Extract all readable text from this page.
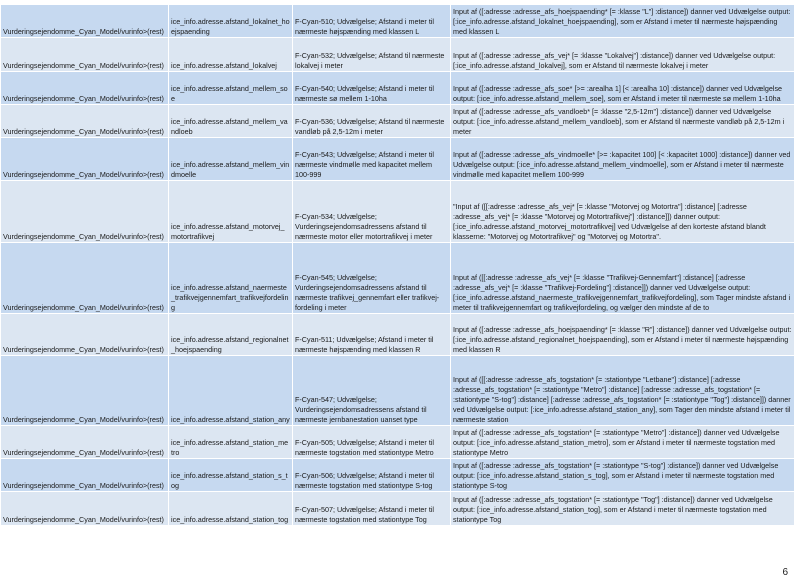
Vurderingsejendomme_Cyan_Model/vurinfo>(rest)	ice_info.adresse.afstand_lokalnet_hoejspaending	F-Cyan-510; Udvælgelse; Afstand i meter til nærmeste højspænding med klassen L	Input af ([:adresse :adresse_afs_hoejspaending* [= :klasse "L"] :distance]) danner ved Udvælgelse output: [:ice_info.adresse.afstand_lokalnet_hoejspaending], som er Afstand i meter til nærmeste højspænding med klassen L
Vurderingsejendomme_Cyan_Model/vurinfo>(rest)	ice_info.adresse.afstand_lokalvej	F-Cyan-532; Udvælgelse; Afstand til nærmeste lokalvej i meter	Input af ([:adresse :adresse_afs_vej* [= :klasse "Lokalvej"] :distance]) danner ved Udvælgelse output: [:ice_info.adresse.afstand_lokalvej], som er Afstand til nærmeste lokalvej i meter
Vurderingsejendomme_Cyan_Model/vurinfo>(rest)	ice_info.adresse.afstand_mellem_soe	F-Cyan-540; Udvælgelse; Afstand i meter til nærmeste sø mellem 1-10ha	Input af ([:adresse :adresse_afs_soe* [>= :arealha 1] [< :arealha 10] :distance]) danner ved Udvælgelse output: [:ice_info.adresse.afstand_mellem_soe], som er Afstand i meter til nærmeste sø mellem 1-10ha
Vurderingsejendomme_Cyan_Model/vurinfo>(rest)	ice_info.adresse.afstand_mellem_vandloeb	F-Cyan-536; Udvælgelse; Afstand til nærmeste vandløb på 2,5-12m i meter	Input af ([:adresse :adresse_afs_vandloeb* [= :klasse "2,5-12m"] :distance]) danner ved Udvælgelse output: [:ice_info.adresse.afstand_mellem_vandloeb], som er Afstand til nærmeste vandløb på 2,5-12m i meter
Vurderingsejendomme_Cyan_Model/vurinfo>(rest)	ice_info.adresse.afstand_mellem_vindmoelle	F-Cyan-543; Udvælgelse; Afstand i meter til nærmeste vindmølle med kapacitet mellem 100-999	Input af ([:adresse :adresse_afs_vindmoelle* [>= :kapacitet 100] [< :kapacitet 1000] :distance]) danner ved Udvælgelse output: [:ice_info.adresse.afstand_mellem_vindmoelle], som er Afstand i meter til nærmeste vindmølle med kapacitet mellem 100-999
Vurderingsejendomme_Cyan_Model/vurinfo>(rest)	ice_info.adresse.afstand_motorvej_motortrafikvej	F-Cyan-534; Udvælgelse; Vurderingsejendomsadressens afstand til nærmeste motor eller motortrafikvej i meter	"Input af ([[:adresse :adresse_afs_vej* [= :klasse "Motorvej og Motortra"] :distance] [:adresse :adresse_afs_vej* [= :klasse "Motorvej og Motortrafikvej"] :distance]]) danner output: [:ice_info.adresse.afstand_motorvej_motortrafikvej] ved Udvælgelse af den korteste afstand blandt klasserne: "Motorvej og Motortrafikvej" og "Motorvej og Motortra".
Vurderingsejendomme_Cyan_Model/vurinfo>(rest)	ice_info.adresse.afstand_naermeste_trafikvejgennemfart_trafikvejfordeling	F-Cyan-545; Udvælgelse; Vurderingsejendomsadressens afstand til nærmeste trafikvej_gennemfart eller trafikvej-fordeling i meter	Input af ([[:adresse :adresse_afs_vej* [= :klasse "Trafikvej-Gennemfart"] :distance] [:adresse :adresse_afs_vej* [= :klasse "Trafikvej-Fordeling"] :distance]]) danner ved Udvælgelse output: [:ice_info.adresse.afstand_naermeste_trafikvejgennemfart_trafikvejfordeling], som Tager mindste afstand i meter til trafikvejgennemfart og trafikvejfordeling, og vælger den mindste af de to
Vurderingsejendomme_Cyan_Model/vurinfo>(rest)	ice_info.adresse.afstand_regionalnet_hoejspaending	F-Cyan-511; Udvælgelse; Afstand i meter til nærmeste højspænding med klassen R	Input af ([:adresse :adresse_afs_hoejspaending* [= :klasse "R"] :distance]) danner ved Udvælgelse output: [:ice_info.adresse.afstand_regionalnet_hoejspaending], som er Afstand i meter til nærmeste højspænding med klassen R
Vurderingsejendomme_Cyan_Model/vurinfo>(rest)	ice_info.adresse.afstand_station_any	F-Cyan-547; Udvælgelse; Vurderingsejendomsadressens afstand til nærmeste jernbanestation uanset type	Input af ([[:adresse :adresse_afs_togstation* [= :stationtype "Letbane"] :distance] [:adresse :adresse_afs_togstation* [= :stationtype "Metro"] :distance] [:adresse :adresse_afs_togstation* [= :stationtype "S-tog"] :distance] [:adresse :adresse_afs_togstation* [= :stationtype "Tog"] :distance]]) danner ved Udvælgelse output: [:ice_info.adresse.afstand_station_any], som Tager den mindste afstand i meter til nærmeste station
Vurderingsejendomme_Cyan_Model/vurinfo>(rest)	ice_info.adresse.afstand_station_metro	F-Cyan-505; Udvælgelse; Afstand i meter til nærmeste togstation med stationtype Metro	Input af ([:adresse :adresse_afs_togstation* [= :stationtype "Metro"] :distance]) danner ved Udvælgelse output: [:ice_info.adresse.afstand_station_metro], som er Afstand i meter til nærmeste togstation med stationtype Metro
Vurderingsejendomme_Cyan_Model/vurinfo>(rest)	ice_info.adresse.afstand_station_s_tog	F-Cyan-506; Udvælgelse; Afstand i meter til nærmeste togstation med stationtype S-tog	Input af ([:adresse :adresse_afs_togstation* [= :stationtype "S-tog"] :distance]) danner ved Udvælgelse output: [:ice_info.adresse.afstand_station_s_tog], som er Afstand i meter til nærmeste togstation med stationtype S-tog
Vurderingsejendomme_Cyan_Model/vurinfo>(rest)	ice_info.adresse.afstand_station_tog	F-Cyan-507; Udvælgelse; Afstand i meter til nærmeste togstation med stationtype Tog	Input af ([:adresse :adresse_afs_togstation* [= :stationtype "Tog"] :distance]) danner ved Udvælgelse output: [:ice_info.adresse.afstand_station_tog], som er Afstand i meter til nærmeste togstation med stationtype Tog
6
